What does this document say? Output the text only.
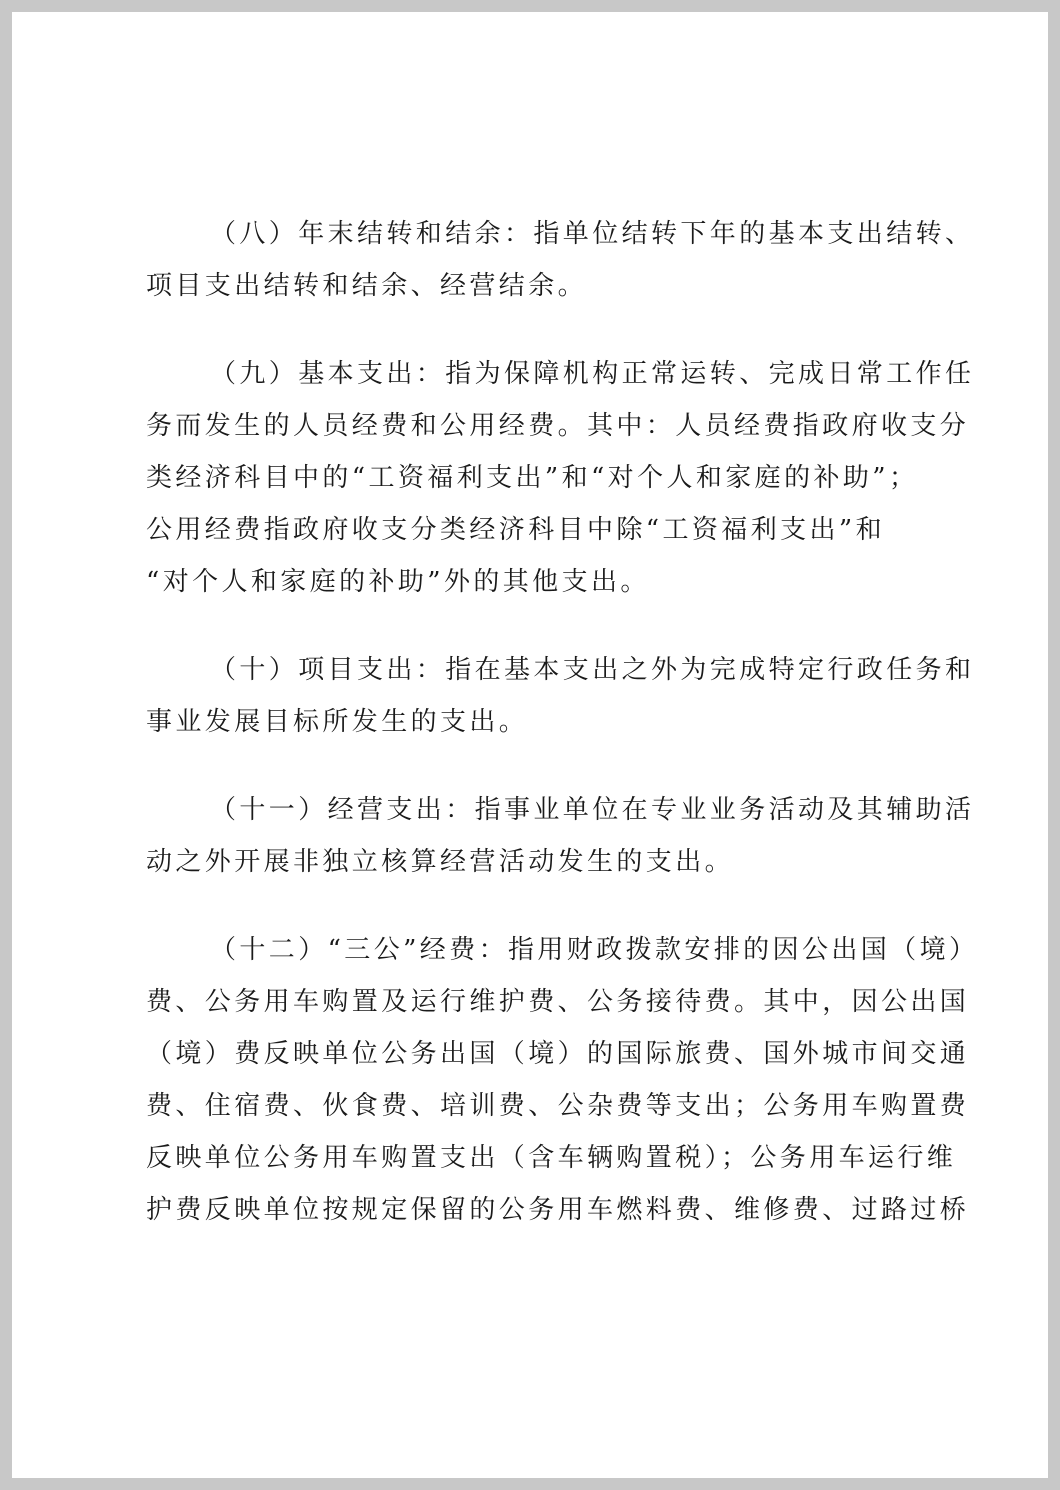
（八）年末结转和结余：指单位结转下年的基本支出结转、
项目支出结转和结余、经营结余。

（九）基本支出：指为保障机构正常运转、完成日常工作任
务而发生的人员经费和公用经费。其中：人员经费指政府收支分
类经济科目中的“工资福利支出”和“对个人和家庭的补助”；
公用经费指政府收支分类经济科目中除“工资福利支出”和
“对个人和家庭的补助”外的其他支出。

（十）项目支出：指在基本支出之外为完成特定行政任务和
事业发展目标所发生的支出。

（十一）经营支出：指事业单位在专业业务活动及其辅助活
动之外开展非独立核算经营活动发生的支出。

（十二）“三公”经费：指用财政拨款安排的因公出国（境）
费、公务用车购置及运行维护费、公务接待费。其中，因公出国
（境）费反映单位公务出国（境）的国际旅费、国外城市间交通
费、住宿费、伙食费、培训费、公杂费等支出；公务用车购置费
反映单位公务用车购置支出（含车辆购置税）；公务用车运行维
护费反映单位按规定保留的公务用车燃料费、维修费、过路过桥
